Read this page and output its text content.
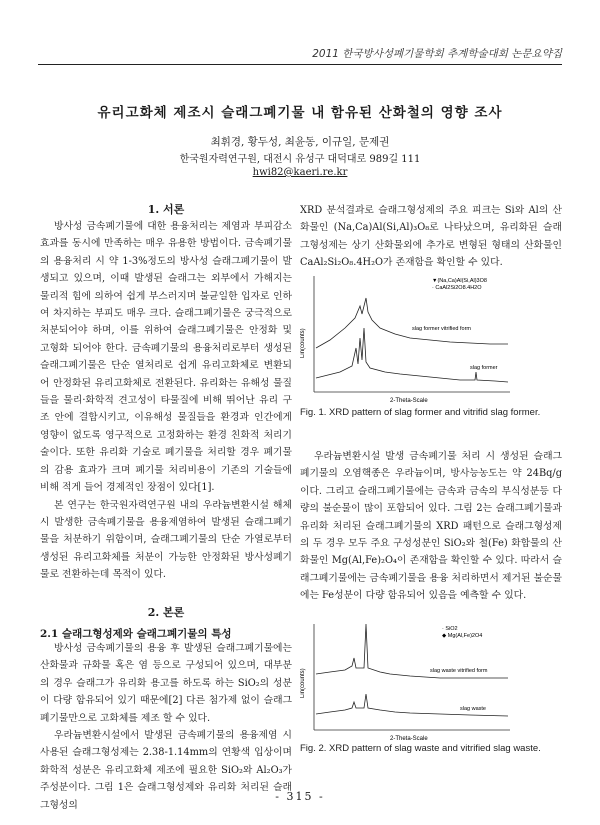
2011 한국방사성폐기물학회 추계학술대회 논문요약집
유리고화체 제조시 슬래그폐기물 내 함유된 산화철의 영향 조사
최휘경, 황두성, 최윤동, 이규일, 문제권
한국원자력연구원, 대전시 유성구 대덕대로 989길 111
hwi82@kaeri.re.kr
1. 서론

방사성 금속폐기물에 대한 용융처리는 제염과 부피감소 효과를 동시에 만족하는 매우 유용한 방법이다. 금속폐기물의 용융처리 시 약 1-3%정도의 방사성 슬래그폐기물이 발생되고 있으며, 이때 발생된 슬래그는 외부에서 가해지는 물리적 힘에 의하여 쉽게 부스러지며 불균일한 입자로 인하여 차지하는 부피도 매우 크다. 슬래그폐기물은 궁극적으로 처분되어야 하며, 이를 위하여 슬래그폐기물은 안정화 및 고형화 되어야 한다. 금속폐기물의 용융처리로부터 생성된 슬래그폐기물은 단순 열처리로 쉽게 유리고화체로 변환되어 안정화된 유리고화체로 전환된다. 유리화는 유해성 물질들을 물리·화학적 견고성이 타물질에 비해 뛰어난 유리 구조 안에 결합시키고, 이유해성 물질들을 환경과 인간에게 영향이 없도록 영구적으로 고정화하는 환경 친화적 처리기술이다. 또한 유리화 기술로 폐기물을 처리할 경우 폐기물의 감용 효과가 크며 폐기물 처리비용이 기존의 기술들에 비해 적게 들어 경제적인 장점이 있다[1].

본 연구는 한국원자력연구원 내의 우라늄변환시설 해체 시 발생한 금속폐기물을 용융제염하여 발생된 슬래그폐기물을 처분하기 위함이며, 슬래그폐기물의 단순 가열로부터 생성된 유리고화체를 처분이 가능한 안정화된 방사성폐기물로 전환하는데 목적이 있다.

2. 본론
2.1 슬래그형성제와 슬래그폐기물의 특성

방사성 금속폐기물의 용융 후 발생된 슬래그폐기물에는 산화물과 규화물 혹은 염 등으로 구성되어 있으며, 대부분의 경우 슬래그가 유리화 용고를 하도록 하는 SiO₂의 성분이 다량 함유되어 있기 때문에[2] 다른 첨가제 없이 슬래그폐기물만으로 고화체를 제조 할 수 있다.

우라늄변환시설에서 발생된 금속폐기물의 용융제염 시 사용된 슬래그형성제는 2.38-1.14mm의 연황색 입상이며 화학적 성분은 유리고화체 제조에 필요한 SiO₂와 Al₂O₃가 주성분이다. 그림 1은 슬래그형성제와 유리화 처리된 슬래그형성의

XRD 분석결과로 슬래그형성제의 주요 피크는 Si와 Al의 산화물인 (Na,Ca)Al(Si,Al)₃O₈로 나타났으며, 유리화된 슬래그형성제는 상기 산화물외에 추가로 변형된 형태의 산화물인 CaAl₂Si₂O₈.4H₂O가 존재함을 확인할 수 있다.

Lin(counts)
2-Theta-Scale
▼(Na,Ca)Al(Si,Al)3O8
· CaAl2Si2O8.4H2O
slag former vitrified form
slag former
Fig. 1. XRD pattern of slag former and vitrifid slag former.

우라늄변환시설 발생 금속폐기물 처리 시 생성된 슬래그 폐기물의 오염핵종은 우라늄이며, 방사능농도는 약 24Bq/g이다. 그리고 슬래그폐기물에는 금속과 금속의 부식성분등 다량의 불순물이 많이 포함되어 있다. 그림 2는 슬래그폐기물과 유리화 처리된 슬래그폐기물의 XRD 패턴으로 슬래그형성제의 두 경우 모두 주요 구성성분인 SiO₂와 철(Fe) 화합물의 산화물인 Mg(Al,Fe)₂O₄이 존재함을 확인할 수 있다. 따라서 슬래그폐기물에는 금속폐기물을 용융 처리하면서 제거된 불순물에는 Fe성분이 다량 함유되어 있음을 예측할 수 있다.

Lin(counts)
2-Theta-Scale
· SiO2
◆ Mg(Al,Fe)2O4
slag waste vitrified form
slag waste
Fig. 2. XRD pattern of slag waste and vitrified slag waste.
- 315 -
